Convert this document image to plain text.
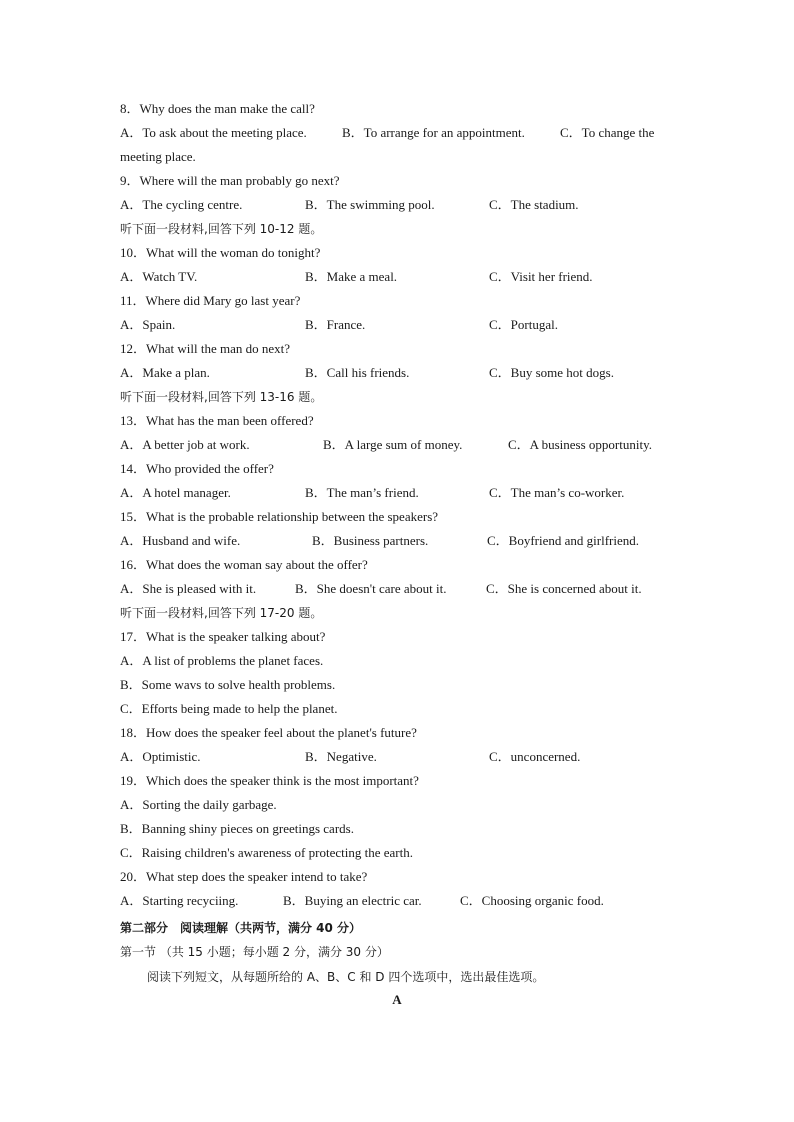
8．Why does the man make the call?
A．To ask about the meeting place.	B．To arrange for an appointment.	C．To change the
meeting place.
9．Where will the man probably go next?
A．The cycling centre.	B．The swimming pool.	C．The stadium.
听下面一段材料,回答下列 10-12 题。
10．What will the woman do tonight?
A．Watch TV.	B．Make a meal.	C．Visit her friend.
11．Where did Mary go last year?
A．Spain.	B．France.	C．Portugal.
12．What will the man do next?
A．Make a plan.	B．Call his friends.	C．Buy some hot dogs.
听下面一段材料,回答下列 13-16 题。
13．What has the man been offered?
A．A better job at work.	B．A large sum of money.	C．A business opportunity.
14．Who provided the offer?
A．A hotel manager.	B．The man’s friend.	C．The man’s co-worker.
15．What is the probable relationship between the speakers?
A．Husband and wife.	B．Business partners.	C．Boyfriend and girlfriend.
16．What does the woman say about the offer?
A．She is pleased with it.	B．She doesn't care about it.	C．She is concerned about it.
听下面一段材料,回答下列 17-20 题。
17．What is the speaker talking about?
A．A list of problems the planet faces.
B．Some wavs to solve health problems.
C．Efforts being made to help the planet.
18．How does the speaker feel about the planet's future?
A．Optimistic.	B．Negative.	C．unconcerned.
19．Which does the speaker think is the most important?
A．Sorting the daily garbage.
B．Banning shiny pieces on greetings cards.
C．Raising children's awareness of protecting the earth.
20．What step does the speaker intend to take?
A．Starting recyciing.	B．Buying an electric car.	C．Choosing organic food.
第二部分　阅读理解（共两节，满分 40 分）
第一节 （共 15 小题；每小题 2 分，满分 30 分）
阅读下列短文，从每题所给的 A、B、C 和 D 四个选项中，选出最佳选项。
A
